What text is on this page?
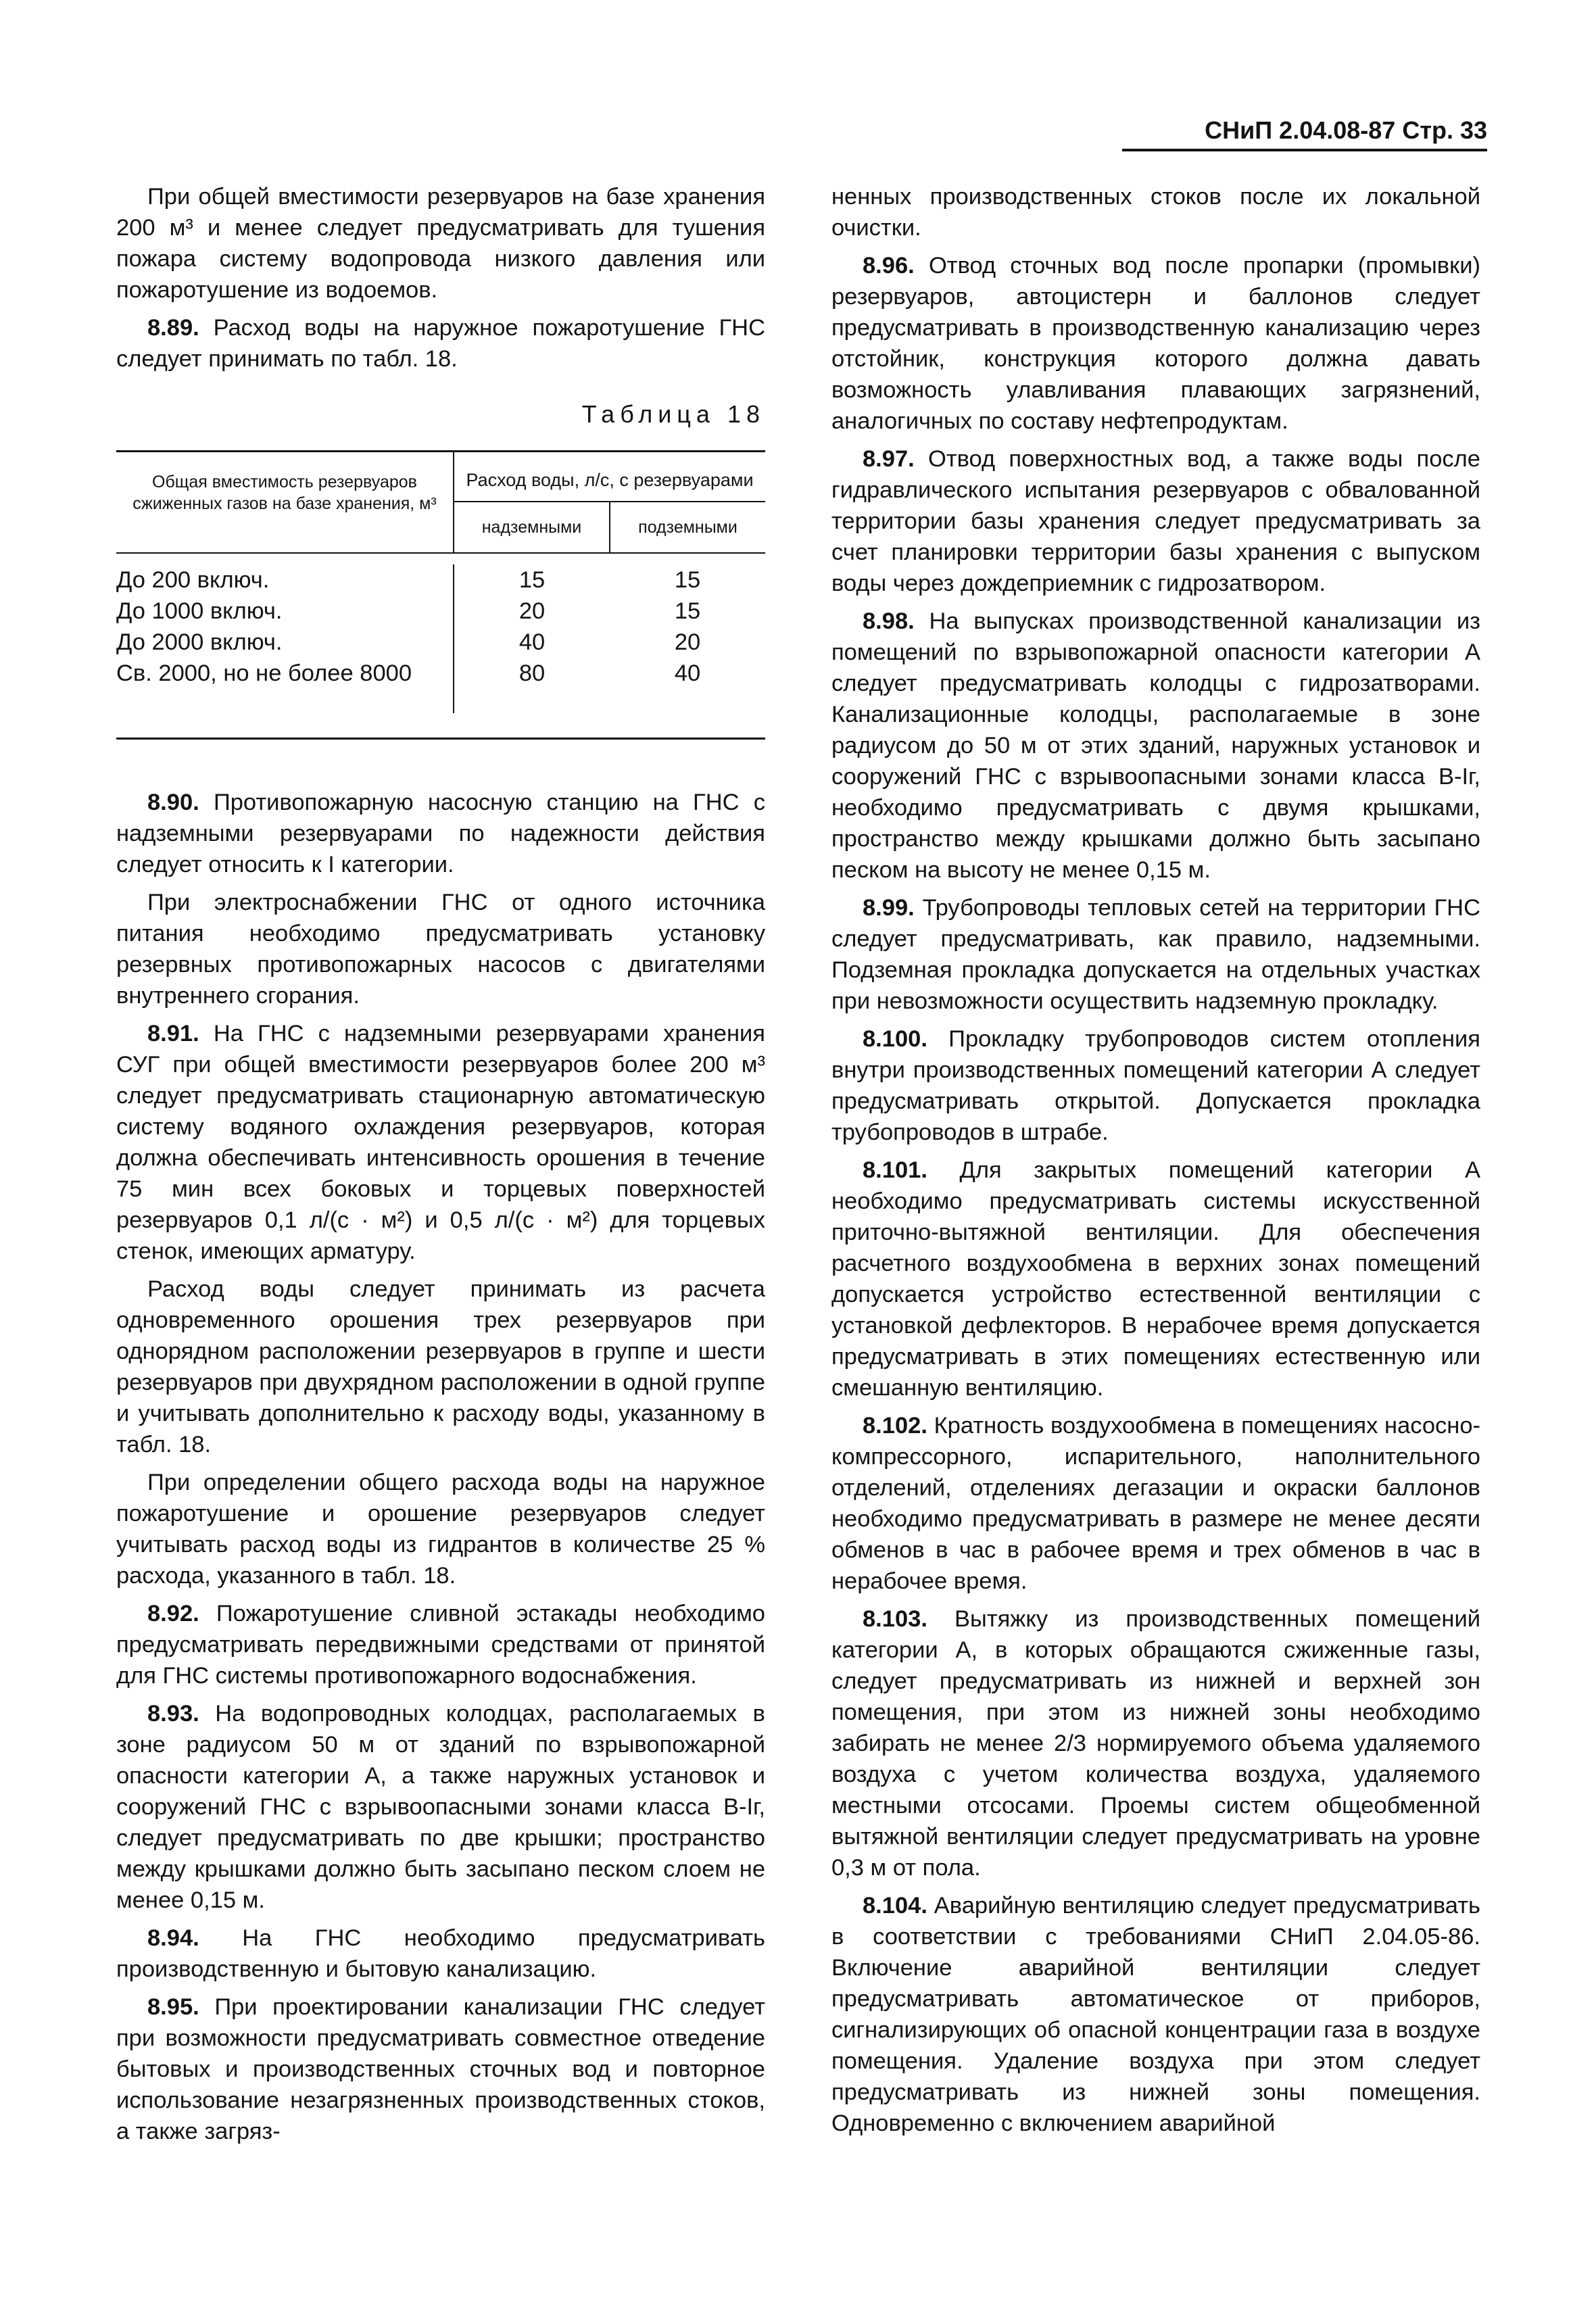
СНиП 2.04.08-87 Стр. 33

При общей вместимости резервуаров на базе хранения 200 м³ и менее следует предусматривать для тушения пожара систему водопровода низкого давления или пожаротушение из водоемов.

8.89. Расход воды на наружное пожаротушение ГНС следует принимать по табл. 18.

Таблица 18
Общая вместимость резервуаров сжиженных газов на базе хранения, м³
Расход воды, л/с, с резервуарами
надземными	подземными
До 200 включ.	15	15
До 1000 включ.	20	15
До 2000 включ.	40	20
Св. 2000, но не более 8000	80	40

8.90. Противопожарную насосную станцию на ГНС с надземными резервуарами по надежности действия следует относить к I категории.

При электроснабжении ГНС от одного источника питания необходимо предусматривать установку резервных противопожарных насосов с двигателями внутреннего сгорания.

8.91. На ГНС с надземными резервуарами хранения СУГ при общей вместимости резервуаров более 200 м³ следует предусматривать стационарную автоматическую систему водяного охлаждения резервуаров, которая должна обеспечивать интенсивность орошения в течение 75 мин всех боковых и торцевых поверхностей резервуаров 0,1 л/(с · м²) и 0,5 л/(с · м²) для торцевых стенок, имеющих арматуру.

Расход воды следует принимать из расчета одновременного орошения трех резервуаров при однорядном расположении резервуаров в группе и шести резервуаров при двухрядном расположении в одной группе и учитывать дополнительно к расходу воды, указанному в табл. 18.

При определении общего расхода воды на наружное пожаротушение и орошение резервуаров следует учитывать расход воды из гидрантов в количестве 25 % расхода, указанного в табл. 18.

8.92. Пожаротушение сливной эстакады необходимо предусматривать передвижными средствами от принятой для ГНС системы противопожарного водоснабжения.

8.93. На водопроводных колодцах, располагаемых в зоне радиусом 50 м от зданий по взрывопожарной опасности категории А, а также наружных установок и сооружений ГНС с взрывоопасными зонами класса В-Iг, следует предусматривать по две крышки; пространство между крышками должно быть засыпано песком слоем не менее 0,15 м.

8.94. На ГНС необходимо предусматривать производственную и бытовую канализацию.

8.95. При проектировании канализации ГНС следует при возможности предусматривать совместное отведение бытовых и производственных сточных вод и повторное использование незагрязненных производственных стоков, а также загряз-

ненных производственных стоков после их локальной очистки.

8.96. Отвод сточных вод после пропарки (промывки) резервуаров, автоцистерн и баллонов следует предусматривать в производственную канализацию через отстойник, конструкция которого должна давать возможность улавливания плавающих загрязнений, аналогичных по составу нефтепродуктам.

8.97. Отвод поверхностных вод, а также воды после гидравлического испытания резервуаров с обвалованной территории базы хранения следует предусматривать за счет планировки территории базы хранения с выпуском воды через дождеприемник с гидрозатвором.

8.98. На выпусках производственной канализации из помещений по взрывопожарной опасности категории А следует предусматривать колодцы с гидрозатворами. Канализационные колодцы, располагаемые в зоне радиусом до 50 м от этих зданий, наружных установок и сооружений ГНС с взрывоопасными зонами класса В-Iг, необходимо предусматривать с двумя крышками, пространство между крышками должно быть засыпано песком на высоту не менее 0,15 м.

8.99. Трубопроводы тепловых сетей на территории ГНС следует предусматривать, как правило, надземными. Подземная прокладка допускается на отдельных участках при невозможности осуществить надземную прокладку.

8.100. Прокладку трубопроводов систем отопления внутри производственных помещений категории А следует предусматривать открытой. Допускается прокладка трубопроводов в штрабе.

8.101. Для закрытых помещений категории А необходимо предусматривать системы искусственной приточно-вытяжной вентиляции. Для обеспечения расчетного воздухообмена в верхних зонах помещений допускается устройство естественной вентиляции с установкой дефлекторов. В нерабочее время допускается предусматривать в этих помещениях естественную или смешанную вентиляцию.

8.102. Кратность воздухообмена в помещениях насосно-компрессорного, испарительного, наполнительного отделений, отделениях дегазации и окраски баллонов необходимо предусматривать в размере не менее десяти обменов в час в рабочее время и трех обменов в час в нерабочее время.

8.103. Вытяжку из производственных помещений категории А, в которых обращаются сжиженные газы, следует предусматривать из нижней и верхней зон помещения, при этом из нижней зоны необходимо забирать не менее 2/3 нормируемого объема удаляемого воздуха с учетом количества воздуха, удаляемого местными отсосами. Проемы систем общеобменной вытяжной вентиляции следует предусматривать на уровне 0,3 м от пола.

8.104. Аварийную вентиляцию следует предусматривать в соответствии с требованиями СНиП 2.04.05-86. Включение аварийной вентиляции следует предусматривать автоматическое от приборов, сигнализирующих об опасной концентрации газа в воздухе помещения. Удаление воздуха при этом следует предусматривать из нижней зоны помещения. Одновременно с включением аварийной
